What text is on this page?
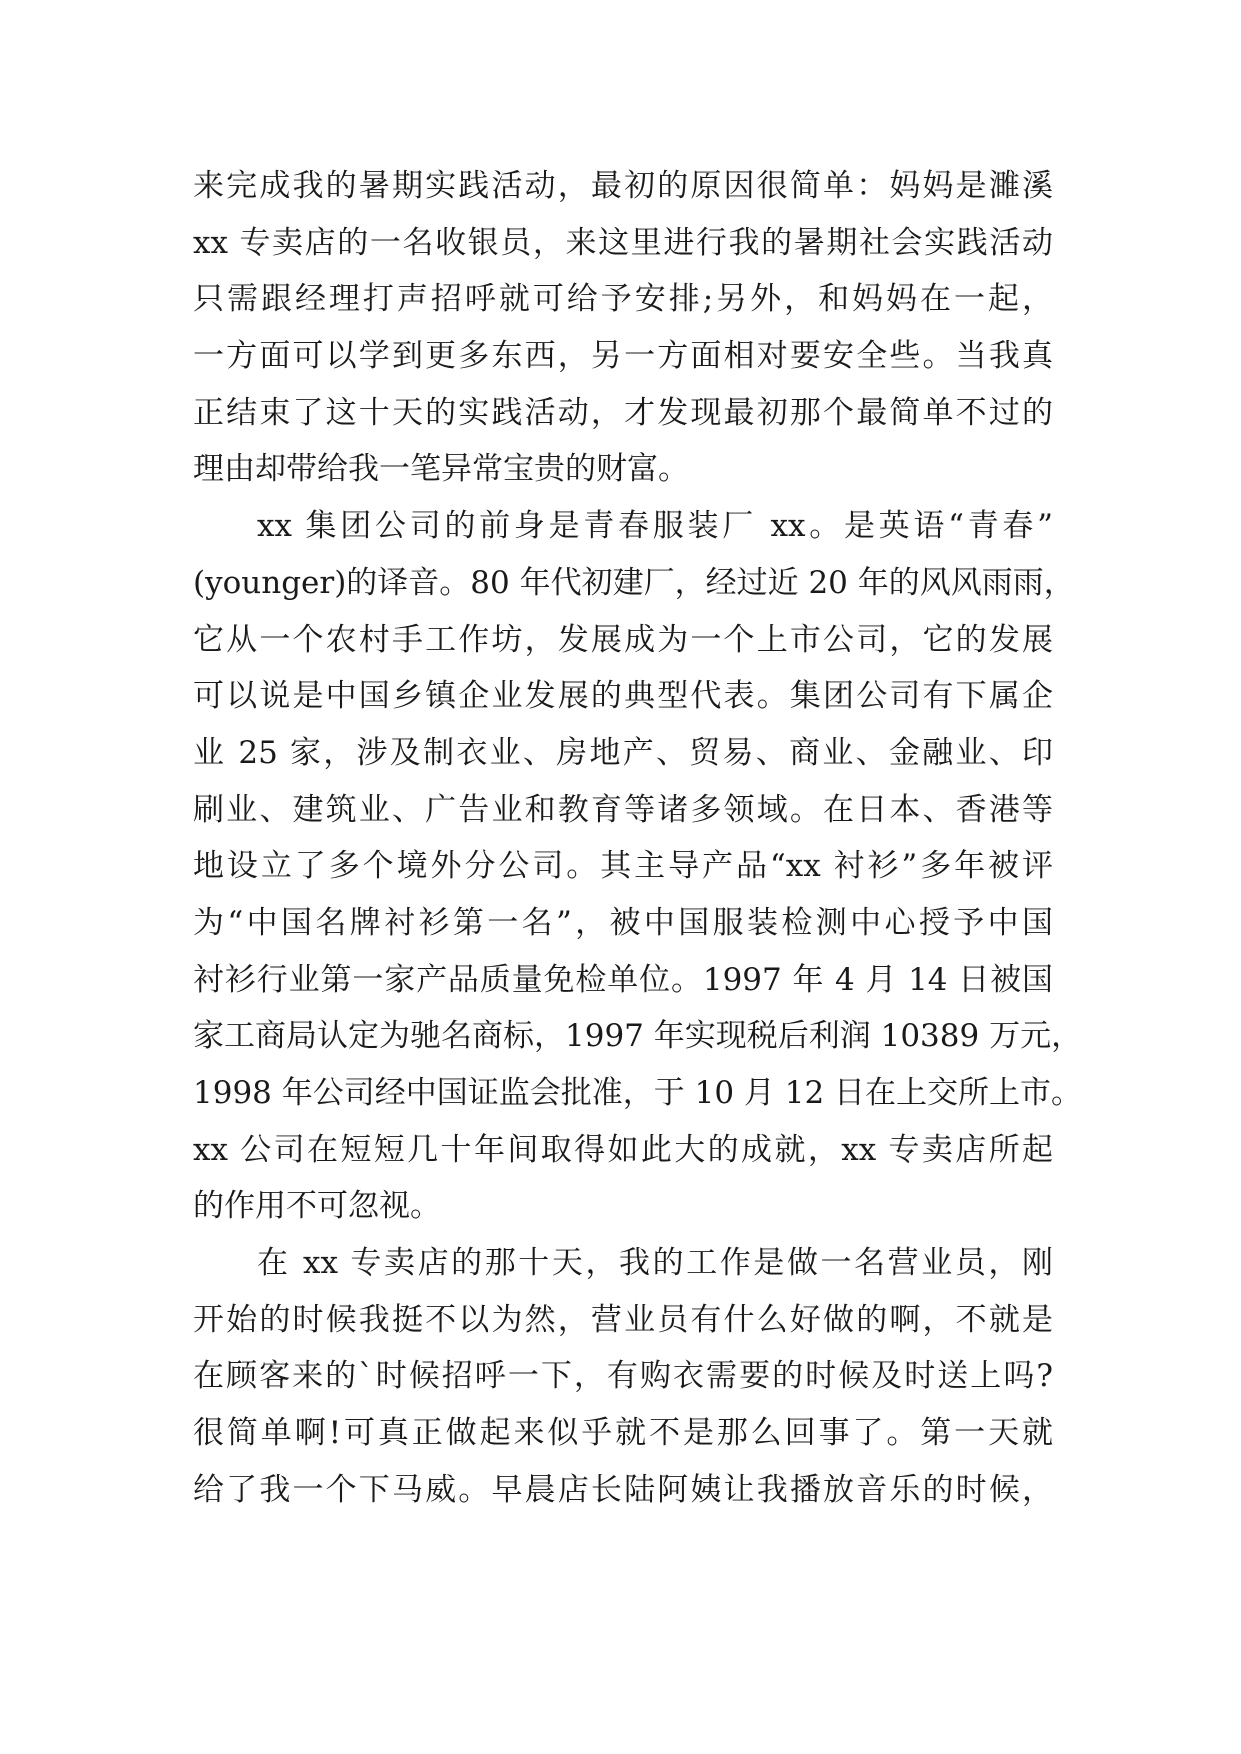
来完成我的暑期实践活动，最初的原因很简单：妈妈是濉溪
xx 专卖店的一名收银员，来这里进行我的暑期社会实践活动
只需跟经理打声招呼就可给予安排;另外，和妈妈在一起，
一方面可以学到更多东西，另一方面相对要安全些。当我真
正结束了这十天的实践活动，才发现最初那个最简单不过的
理由却带给我一笔异常宝贵的财富。
xx 集团公司的前身是青春服装厂 xx。是英语“青春”
(younger)的译音。80 年代初建厂，经过近 20 年的风风雨雨，
它从一个农村手工作坊，发展成为一个上市公司，它的发展
可以说是中国乡镇企业发展的典型代表。集团公司有下属企
业 25 家，涉及制衣业、房地产、贸易、商业、金融业、印
刷业、建筑业、广告业和教育等诸多领域。在日本、香港等
地设立了多个境外分公司。其主导产品“xx 衬衫”多年被评
为“中国名牌衬衫第一名”，被中国服装检测中心授予中国
衬衫行业第一家产品质量免检单位。1997 年 4 月 14 日被国
家工商局认定为驰名商标，1997 年实现税后利润 10389 万元，
1998 年公司经中国证监会批准，于 10 月 12 日在上交所上市。
xx 公司在短短几十年间取得如此大的成就，xx 专卖店所起
的作用不可忽视。
在 xx 专卖店的那十天，我的工作是做一名营业员，刚
开始的时候我挺不以为然，营业员有什么好做的啊，不就是
在顾客来的`时候招呼一下，有购衣需要的时候及时送上吗?
很简单啊!可真正做起来似乎就不是那么回事了。第一天就
给了我一个下马威。早晨店长陆阿姨让我播放音乐的时候，
